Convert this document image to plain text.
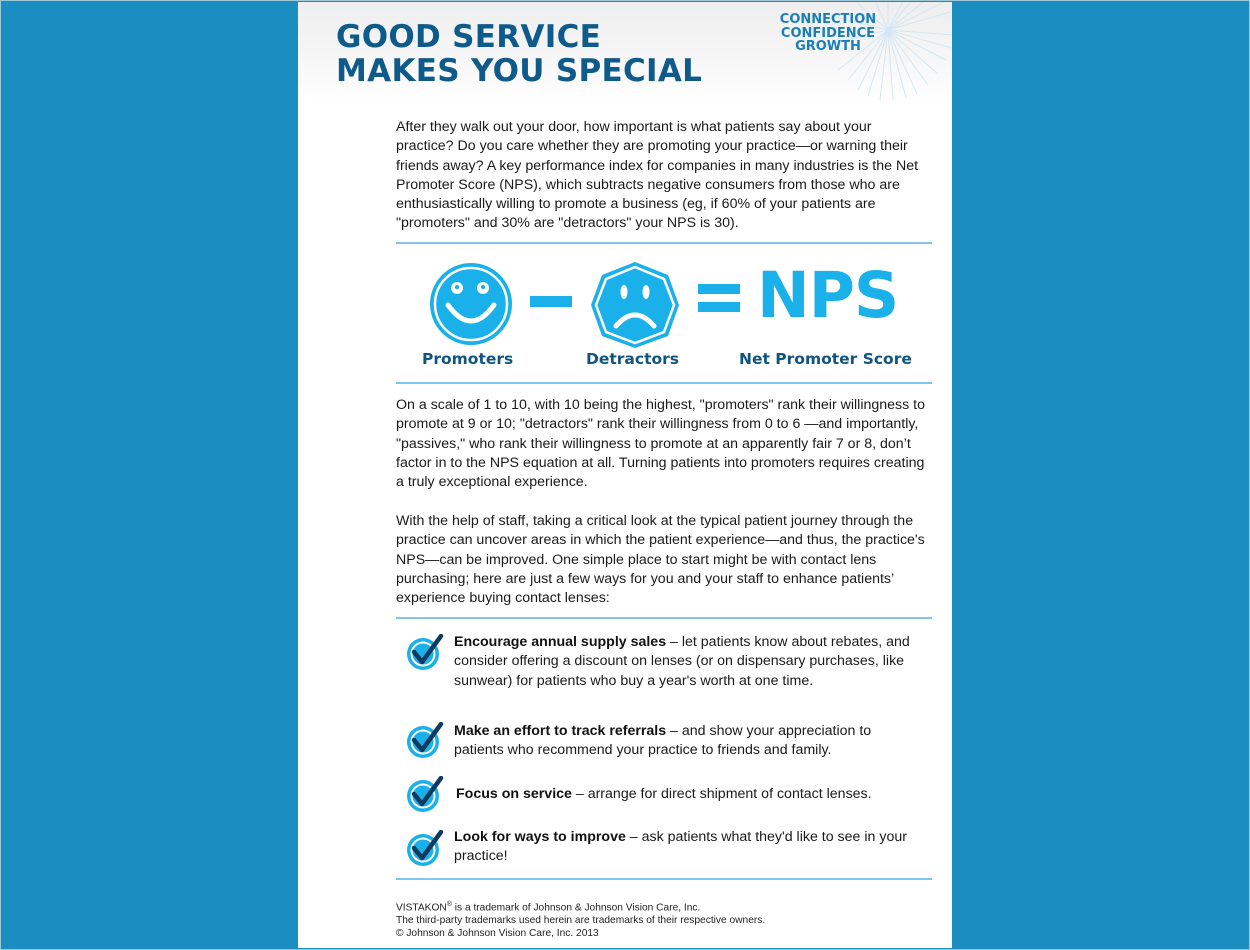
GOOD SERVICE
MAKES YOU SPECIAL
CONNECTION
CONFIDENCE
GROWTH

After they walk out your door, how important is what patients say about your practice? Do you care whether they are promoting your practice—or warning their friends away? A key performance index for companies in many industries is the Net Promoter Score (NPS), which subtracts negative consumers from those who are enthusiastically willing to promote a business (eg, if 60% of your patients are "promoters" and 30% are "detractors" your NPS is 30).

NPS
Promoters	Detractors	Net Promoter Score

On a scale of 1 to 10, with 10 being the highest, "promoters" rank their willingness to promote at 9 or 10; "detractors" rank their willingness from 0 to 6 —and importantly, "passives," who rank their willingness to promote at an apparently fair 7 or 8, don’t factor in to the NPS equation at all. Turning patients into promoters requires creating a truly exceptional experience.

With the help of staff, taking a critical look at the typical patient journey through the practice can uncover areas in which the patient experience—and thus, the practice's NPS—can be improved. One simple place to start might be with contact lens purchasing; here are just a few ways for you and your staff to enhance patients’ experience buying contact lenses:

Encourage annual supply sales – let patients know about rebates, and consider offering a discount on lenses (or on dispensary purchases, like sunwear) for patients who buy a year's worth at one time.

Make an effort to track referrals – and show your appreciation to patients who recommend your practice to friends and family.

Focus on service – arrange for direct shipment of contact lenses.

Look for ways to improve – ask patients what they'd like to see in your practice!

VISTAKON® is a trademark of Johnson & Johnson Vision Care, Inc.
The third-party trademarks used herein are trademarks of their respective owners.
© Johnson & Johnson Vision Care, Inc. 2013
